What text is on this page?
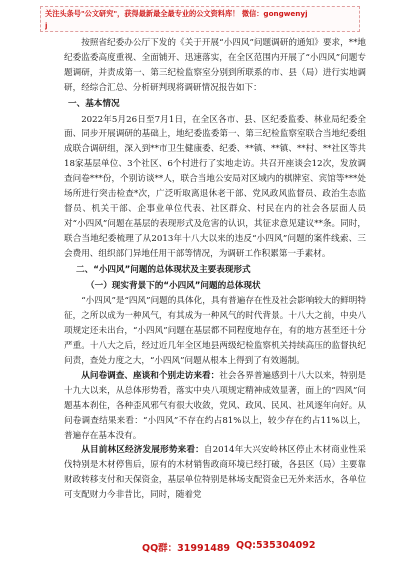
关注头条号"公文研究"，获得最新最全最专业的公文资料库！ 微信：gongwenyj
j

按照省纪委办公厅下发的《关于开展“小四风”问题调研的通知》要求，**地纪委监委高度重视、全面铺开、迅速落实，在全区范围内开展了“小四风”问题专题调研，并责成第一、第三纪检监察室分别到所联系的市、县（局）进行实地调研，经综合汇总、分析研判现将调研情况报告如下：

一、基本情况

2022年5月26日至7月1日，在全区各市、县、区纪委监委、林业局纪委全面、同步开展调研的基础上，地纪委监委第一、第三纪检监察室联合当地纪委组成联合调研组，深入到**市卫生健康委、纪委、**镇、**镇、**村、**社区等共18家基层单位、3个社区、6个村进行了实地走访。共召开座谈会12次，发放调查问卷***份，个别访谈**人，联合当地公安局对区域内的棋牌室、宾馆等***处场所进行突击检查*次，广泛听取离退休老干部、党风政风监督员、政治生态监督员、机关干部、企事业单位代表、社区群众、村民在内的社会各层面人员对“小四风”问题在基层的表现形式及危害的认识，其征求意见建议**条。同时，联合当地纪委梳理了从2013年十八大以来的违反“小四风”问题的案件线索、三会费用、组织部门异地任用干部等情况，为调研工作积累第一手素材。

二、“小四风”问题的总体现状及主要表现形式
（一）现实背景下的“小四风”问题的总体现状

“小四风”是“四风”问题的具体化，具有普遍存在性及社会影响较大的鲜明特征，之所以成为一种风气，有其成为一种风气的时代背景。十八大之前，中央八项规定还未出台，“小四风”问题在基层都不同程度地存在，有的地方甚至还十分严重。十八大之后，经过近几年全区地县两级纪检监察机关持续高压的监督执纪问责，查处力度之大，“小四风”问题从根本上得到了有效遏制。

从问卷调查、座谈和个别走访来看：社会各界普遍感到十八大以来，特别是十九大以来，从总体形势看，落实中央八项规定精神成效显著，面上的“四风”问题基本刹住，各种歪风邪气有很大收敛，党风、政风、民风、社风逐年向好。从问卷调查结果来看：“小四风”不存在约占81%以上，较少存在约占11%以上，普遍存在基本没有。

从目前林区经济发展形势来看：自2014年大兴安岭林区停止木材商业性采伐特别是木材停售后，原有的木材销售政商环境已经打破，各县区（局）主要靠财政转移支付和天保资金，基层单位特别是林场支配资金已无外来活水，各单位可支配财力今非昔比，同时，随着党

QQ群：31991489 QQ:535304092
